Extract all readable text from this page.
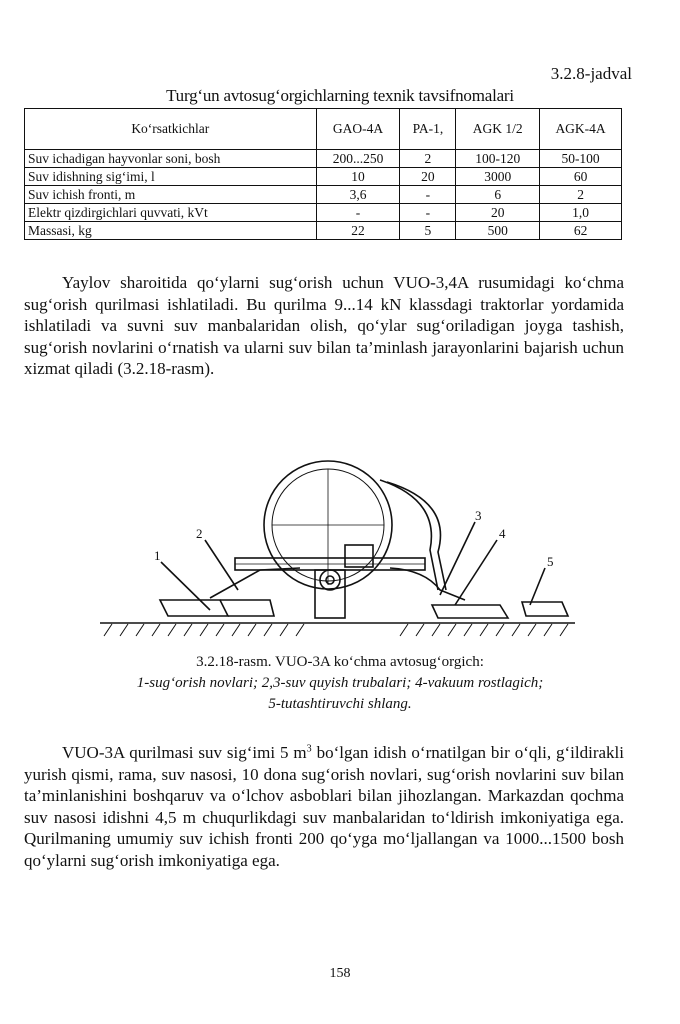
3.2.8-jadval
Turg‘un avtosug‘orgichlarning texnik tavsifnomalari
Ko‘rsatkichlar	GAO-4A	PA-1,	AGK 1/2	AGK-4A
Suv ichadigan hayvonlar soni, bosh	200...250	2	100-120	50-100
Suv idishning sig‘imi, l	10	20	3000	60
Suv ichish fronti, m	3,6	-	6	2
Elektr qizdirgichlari quvvati, kVt	-	-	20	1,0
Massasi, kg	22	5	500	62

Yaylov sharoitida qo‘ylarni sug‘orish uchun VUO-3,4A rusumidagi ko‘chma sug‘orish qurilmasi ishlatiladi. Bu qurilma 9...14 kN klassdagi traktorlar yordamida ishlatiladi va suvni suv manbalaridan olish, qo‘ylar sug‘oriladigan joyga tashish, sug‘orish novlarini o‘rnatish va ularni suv bilan ta’minlash jarayonlarini bajarish uchun xizmat qiladi (3.2.18-rasm).

1
2
3
4
5
3.2.18-rasm. VUO-3A ko‘chma avtosug‘orgich:
1-sug‘orish novlari; 2,3-suv quyish trubalari; 4-vakuum rostlagich;
5-tutashtiruvchi shlang.

VUO-3A qurilmasi suv sig‘imi 5 $m^3$ bo‘lgan idish o‘rnatilgan bir o‘qli, g‘ildirakli yurish qismi, rama, suv nasosi, 10 dona sug‘orish novlari, sug‘orish novlarini suv bilan ta’minlanishini boshqaruv va o‘lchov asboblari bilan jihozlangan. Markazdan qochma suv nasosi idishni 4,5 m chuqurlikdagi suv manbalaridan to‘ldirish imkoniyatiga ega. Qurilmaning umumiy suv ichish fronti 200 qo‘yga mo‘ljallangan va 1000...1500 bosh qo‘ylarni sug‘orish imkoniyatiga ega.

158
